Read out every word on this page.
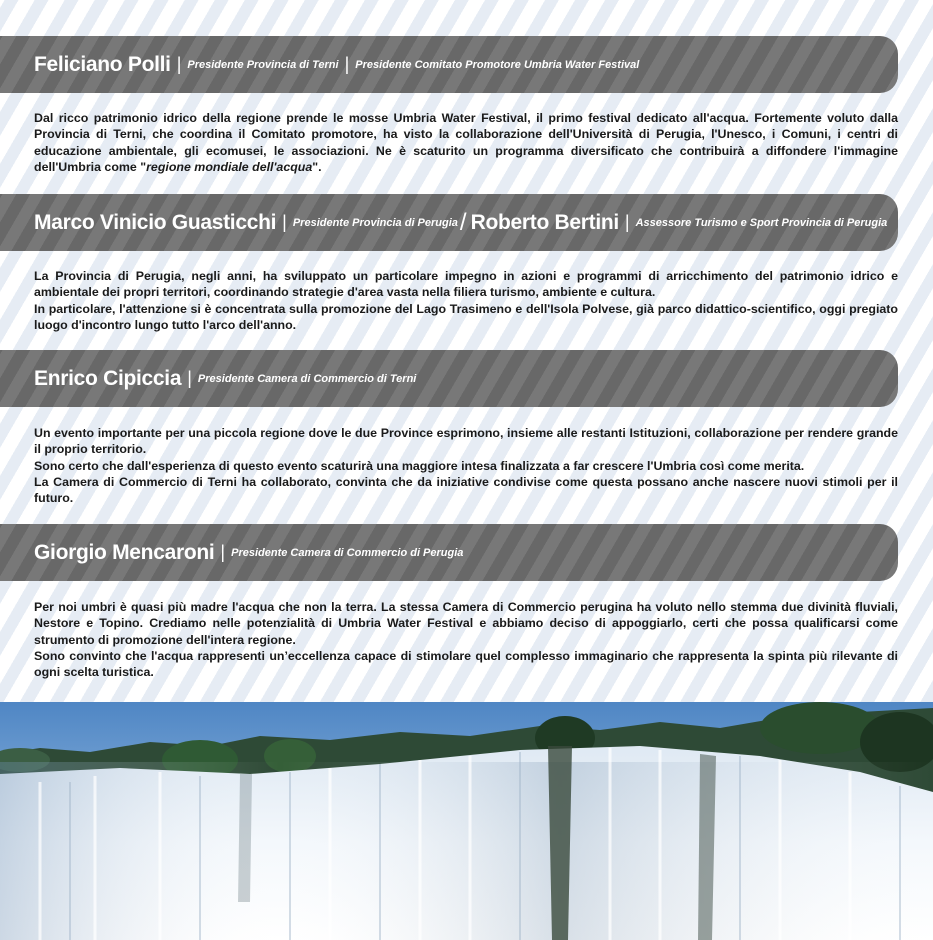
Feliciano Polli | Presidente Provincia di Terni | Presidente Comitato Promotore Umbria Water Festival

Dal ricco patrimonio idrico della regione prende le mosse Umbria Water Festival, il primo festival dedicato all'acqua. Fortemente voluto dalla Provincia di Terni, che coordina il Comitato promotore, ha visto la collaborazione dell'Università di Perugia, l'Unesco, i Comuni, i centri di educazione ambientale, gli ecomusei, le associazioni. Ne è scaturito un programma diversificato che contribuirà a diffondere l'immagine dell'Umbria come "regione mondiale dell'acqua".

Marco Vinicio Guasticchi | Presidente Provincia di Perugia / Roberto Bertini | Assessore Turismo e Sport Provincia di Perugia

La Provincia di Perugia, negli anni, ha sviluppato un particolare impegno in azioni e programmi di arricchimento del patrimonio idrico e ambientale dei propri territori, coordinando strategie d'area vasta nella filiera turismo, ambiente e cultura.

In particolare, l'attenzione si è concentrata sulla promozione del Lago Trasimeno e dell'Isola Polvese, già parco didattico-scientifico, oggi pregiato luogo d'incontro lungo tutto l'arco dell'anno.

Enrico Cipiccia | Presidente Camera di Commercio di Terni

Un evento importante per una piccola regione dove le due Province esprimono, insieme alle restanti Istituzioni, collaborazione per rendere grande il proprio territorio.

Sono certo che dall'esperienza di questo evento scaturirà una maggiore intesa finalizzata a far crescere l'Umbria così come merita.

La Camera di Commercio di Terni ha collaborato, convinta che da iniziative condivise come questa possano anche nascere nuovi stimoli per il futuro.

Giorgio Mencaroni | Presidente Camera di Commercio di Perugia

Per noi umbri è quasi più madre l'acqua che non la terra. La stessa Camera di Commercio perugina ha voluto nello stemma due divinità fluviali, Nestore e Topino. Crediamo nelle potenzialità di Umbria Water Festival e abbiamo deciso di appoggiarlo, certi che possa qualificarsi come strumento di promozione dell'intera regione.

Sono convinto che l'acqua rappresenti un’eccellenza capace di stimolare quel complesso immaginario che rappresenta la spinta più rilevante di ogni scelta turistica.
